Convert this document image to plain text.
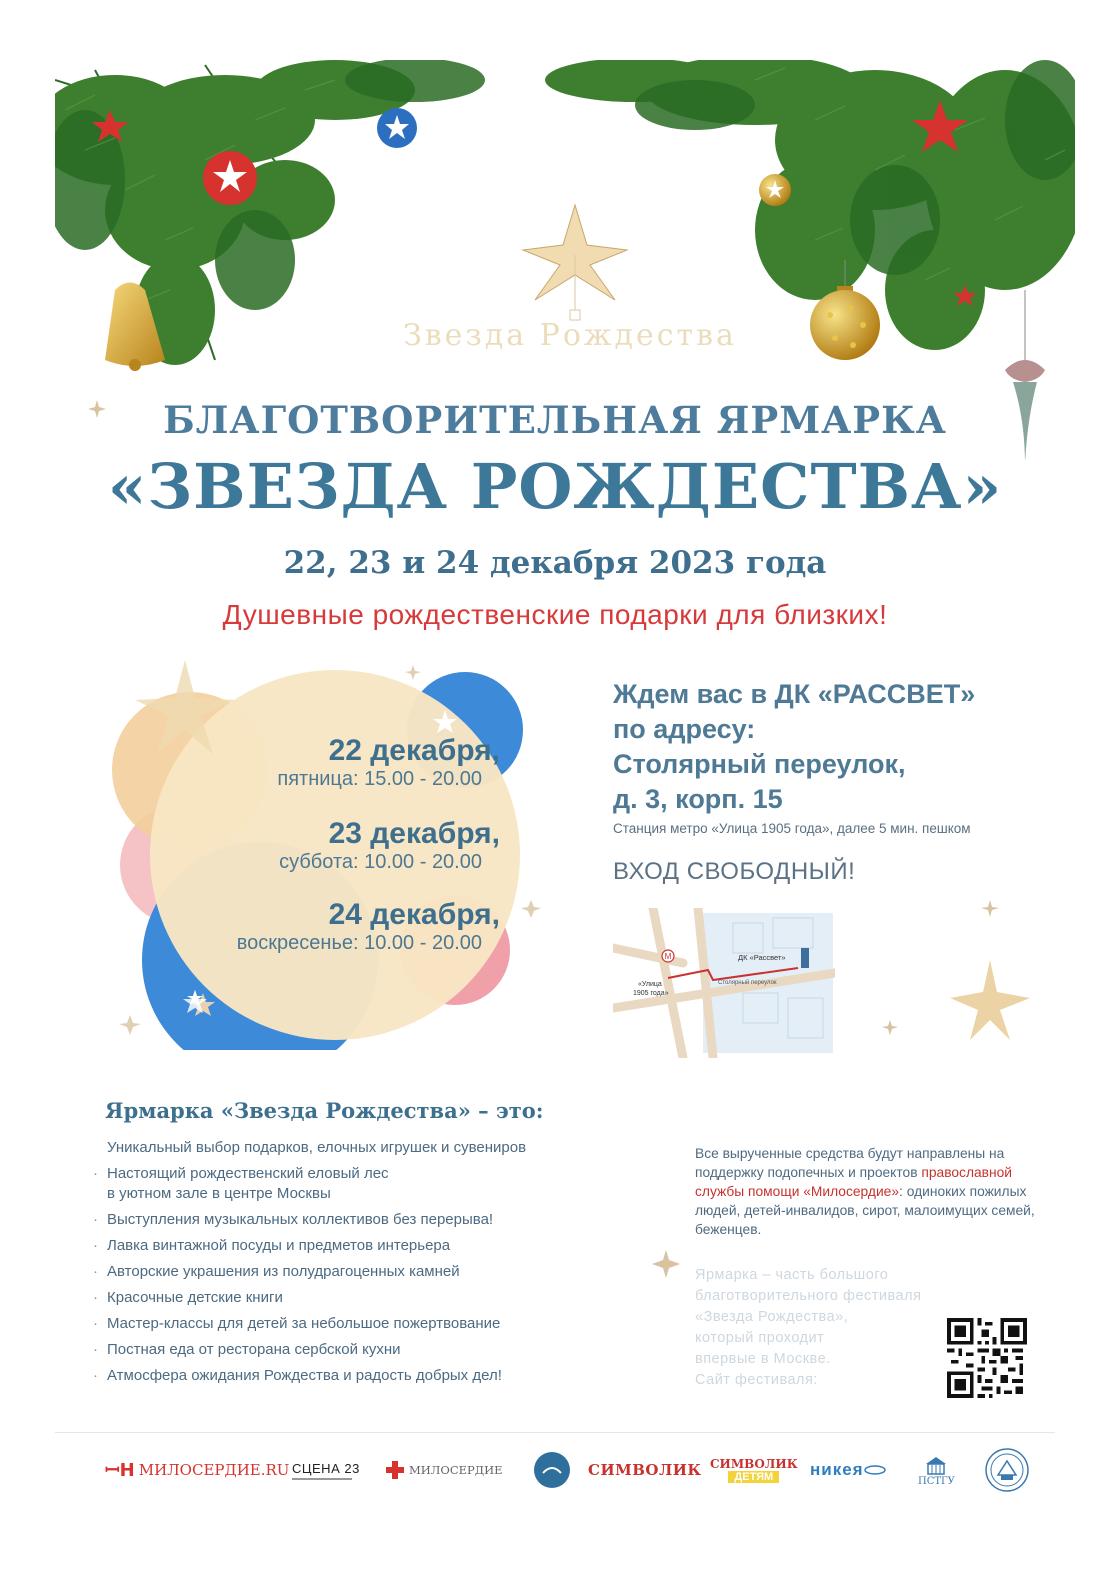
Звезда Рождества
БЛАГОТВОРИТЕЛЬНАЯ ЯРМАРКА
«ЗВЕЗДА РОЖДЕСТВА»
22, 23 и 24 декабря 2023 года
Душевные рождественские подарки для близких!
22 декабря,
пятница: 15.00 - 20.00
23 декабря,
суббота: 10.00 - 20.00
24 декабря,
воскресенье: 10.00 - 20.00
Ждем вас в ДК «РАССВЕТ»
по адресу:
Столярный переулок,
д. 3, корп. 15
Станция метро «Улица 1905 года», далее 5 мин. пешком
ВХОД СВОБОДНЫЙ!
М	ДК «Рассвет»
«Улица
1905 года»
Столярный переулок
Ярмарка «Звезда Рождества» – это:
Уникальный выбор подарков, елочных игрушек и сувениров
· Настоящий рождественский еловый лес
в уютном зале в центре Москвы
· Выступления музыкальных коллективов без перерыва!
· Лавка винтажной посуды и предметов интерьера
· Авторские украшения из полудрагоценных камней
· Красочные детские книги
· Мастер-классы для детей за небольшое пожертвование
· Постная еда от ресторана сербской кухни
· Атмосфера ожидания Рождества и радость добрых дел!
Все вырученные средства будут направлены на поддержку подопечных и проектов православной службы помощи «Милосердие»: одиноких пожилых людей, детей-инвалидов, сирот, малоимущих семей, беженцев.
Ярмарка – часть большого
благотворительного фестиваля
«Звезда Рождества»,
который проходит
впервые в Москве.
Сайт фестиваля:
ꟷН МИЛОСЕРДИЕ.RU СЦЕНА 23	МИЛОСЕРДИЕ	СИМВОЛИК СИМВОЛИК
ДЕТЯМ	никея
ПСТГУ
